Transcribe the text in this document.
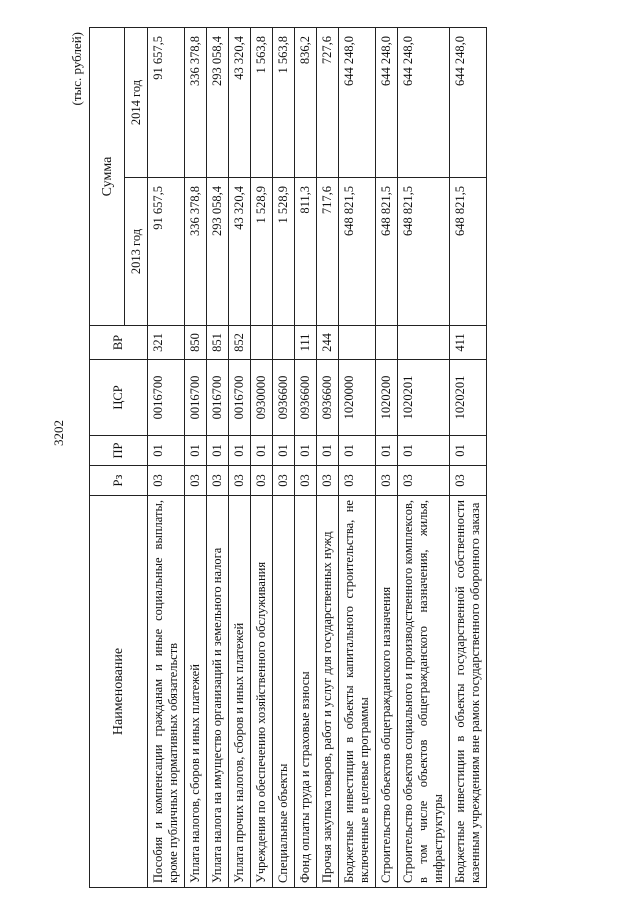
3202
(тыс. рублей)
Наименование	Рз	ПР	ЦСР	ВР	Сумма	
					2013 год	2014 год
Пособия и компенсации гражданам и иные социальные выплаты, кроме публичных нормативных обязательств	03	01	0016700	321	91 657,5	91 657,5
Уплата налогов, сборов и иных платежей	03	01	0016700	850	336 378,8	336 378,8
Уплата налога на имущество организаций и земельного налога	03	01	0016700	851	293 058,4	293 058,4
Уплата прочих налогов, сборов и иных платежей	03	01	0016700	852	43 320,4	43 320,4
Учреждения по обеспечению хозяйственного обслуживания	03	01	0930000		1 528,9	1 563,8
Специальные объекты	03	01	0936600		1 528,9	1 563,8
Фонд оплаты труда и страховые взносы	03	01	0936600	111	811,3	836,2
Прочая закупка товаров, работ и услуг для государственных нужд	03	01	0936600	244	717,6	727,6
Бюджетные инвестиции в объекты капитального строительства, не включенные в целевые программы	03	01	1020000		648 821,5	644 248,0
Строительство объектов общегражданского назначения	03	01	1020200		648 821,5	644 248,0
Строительство объектов социального и производственного комплексов, в том числе объектов общегражданского назначения, жилья, инфраструктуры	03	01	1020201		648 821,5	644 248,0
Бюджетные инвестиции в объекты государственной собственности казенным учреждениям вне рамок государственного оборонного заказа	03	01	1020201	411	648 821,5	644 248,0
